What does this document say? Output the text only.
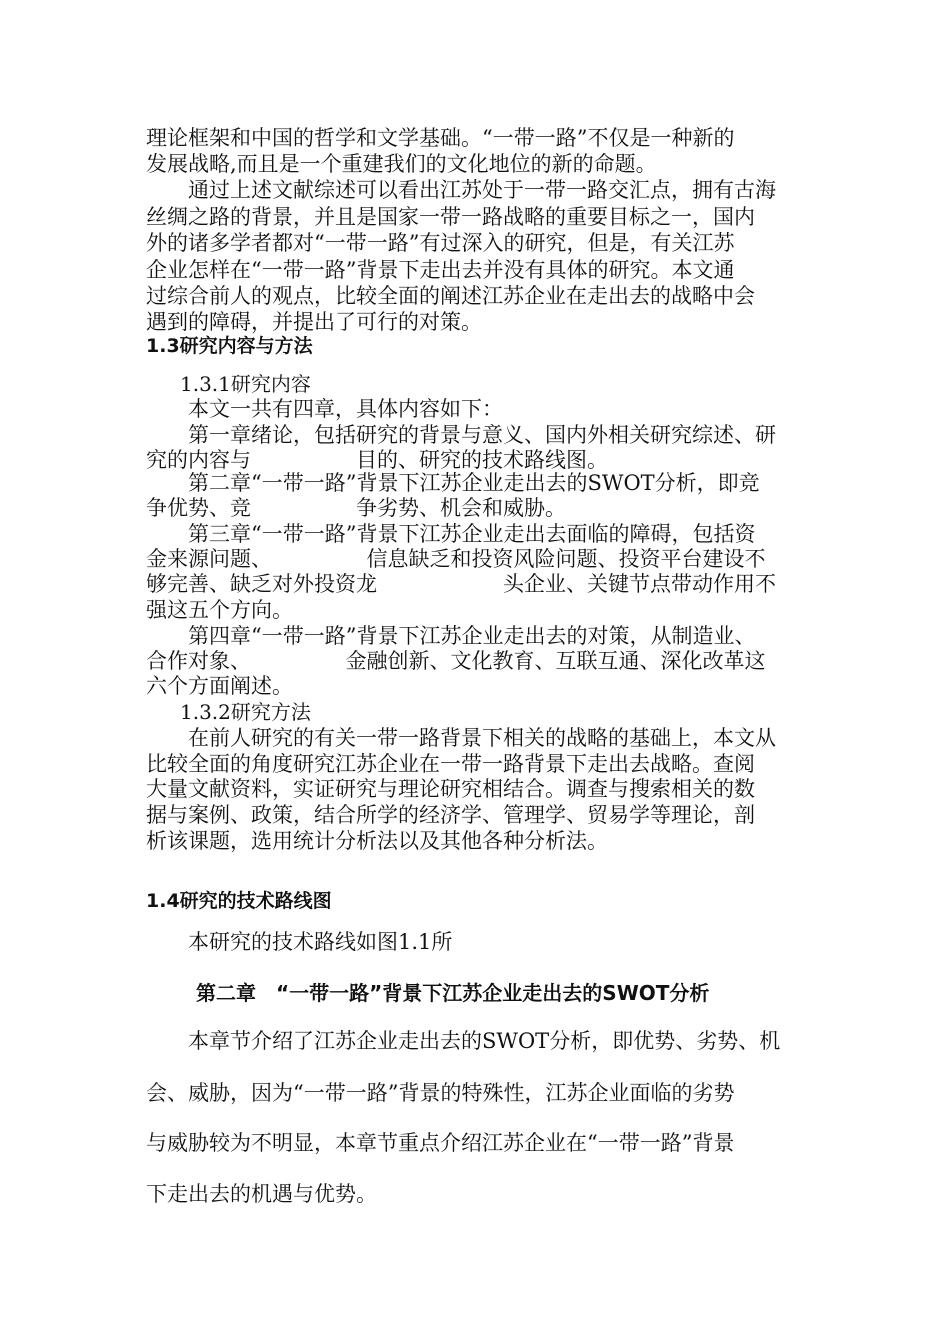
理论框架和中国的哲学和文学基础。“一带一路”不仅是一种新的

发展战略,而且是一个重建我们的文化地位的新的命题。

　　通过上述文献综述可以看出江苏处于一带一路交汇点，拥有古海

丝绸之路的背景，并且是国家一带一路战略的重要目标之一，国内

外的诸多学者都对“一带一路”有过深入的研究，但是，有关江苏

企业怎样在“一带一路”背景下走出去并没有具体的研究。本文通

过综合前人的观点，比较全面的阐述江苏企业在走出去的战略中会

遇到的障碍，并提出了可行的对策。

1.3研究内容与方法

1.3.1研究内容

　　本文一共有四章，具体内容如下：

　　第一章绪论，包括研究的背景与意义、国内外相关研究综述、研

究的内容与　　　　　目的、研究的技术路线图。

　　第二章“一带一路”背景下江苏企业走出去的SWOT分析，即竞

争优势、竞　　　　　争劣势、机会和威胁。

　　第三章“一带一路”背景下江苏企业走出去面临的障碍，包括资

金来源问题、　　　　　信息缺乏和投资风险问题、投资平台建设不

够完善、缺乏对外投资龙　　　　　　头企业、关键节点带动作用不

强这五个方向。

　　第四章“一带一路”背景下江苏企业走出去的对策，从制造业、

合作对象、　　　　　金融创新、文化教育、互联互通、深化改革这

六个方面阐述。

1.3.2研究方法

　　在前人研究的有关一带一路背景下相关的战略的基础上，本文从

比较全面的角度研究江苏企业在一带一路背景下走出去战略。查阅

大量文献资料，实证研究与理论研究相结合。调查与搜索相关的数

据与案例、政策，结合所学的经济学、管理学、贸易学等理论，剖

析该课题，选用统计分析法以及其他各种分析法。

1.4研究的技术路线图

　　本研究的技术路线如图1.1所

第二章　“一带一路”背景下江苏企业走出去的SWOT分析

　　本章节介绍了江苏企业走出去的SWOT分析，即优势、劣势、机

会、威胁，因为“一带一路”背景的特殊性，江苏企业面临的劣势

与威胁较为不明显，本章节重点介绍江苏企业在“一带一路”背景

下走出去的机遇与优势。
